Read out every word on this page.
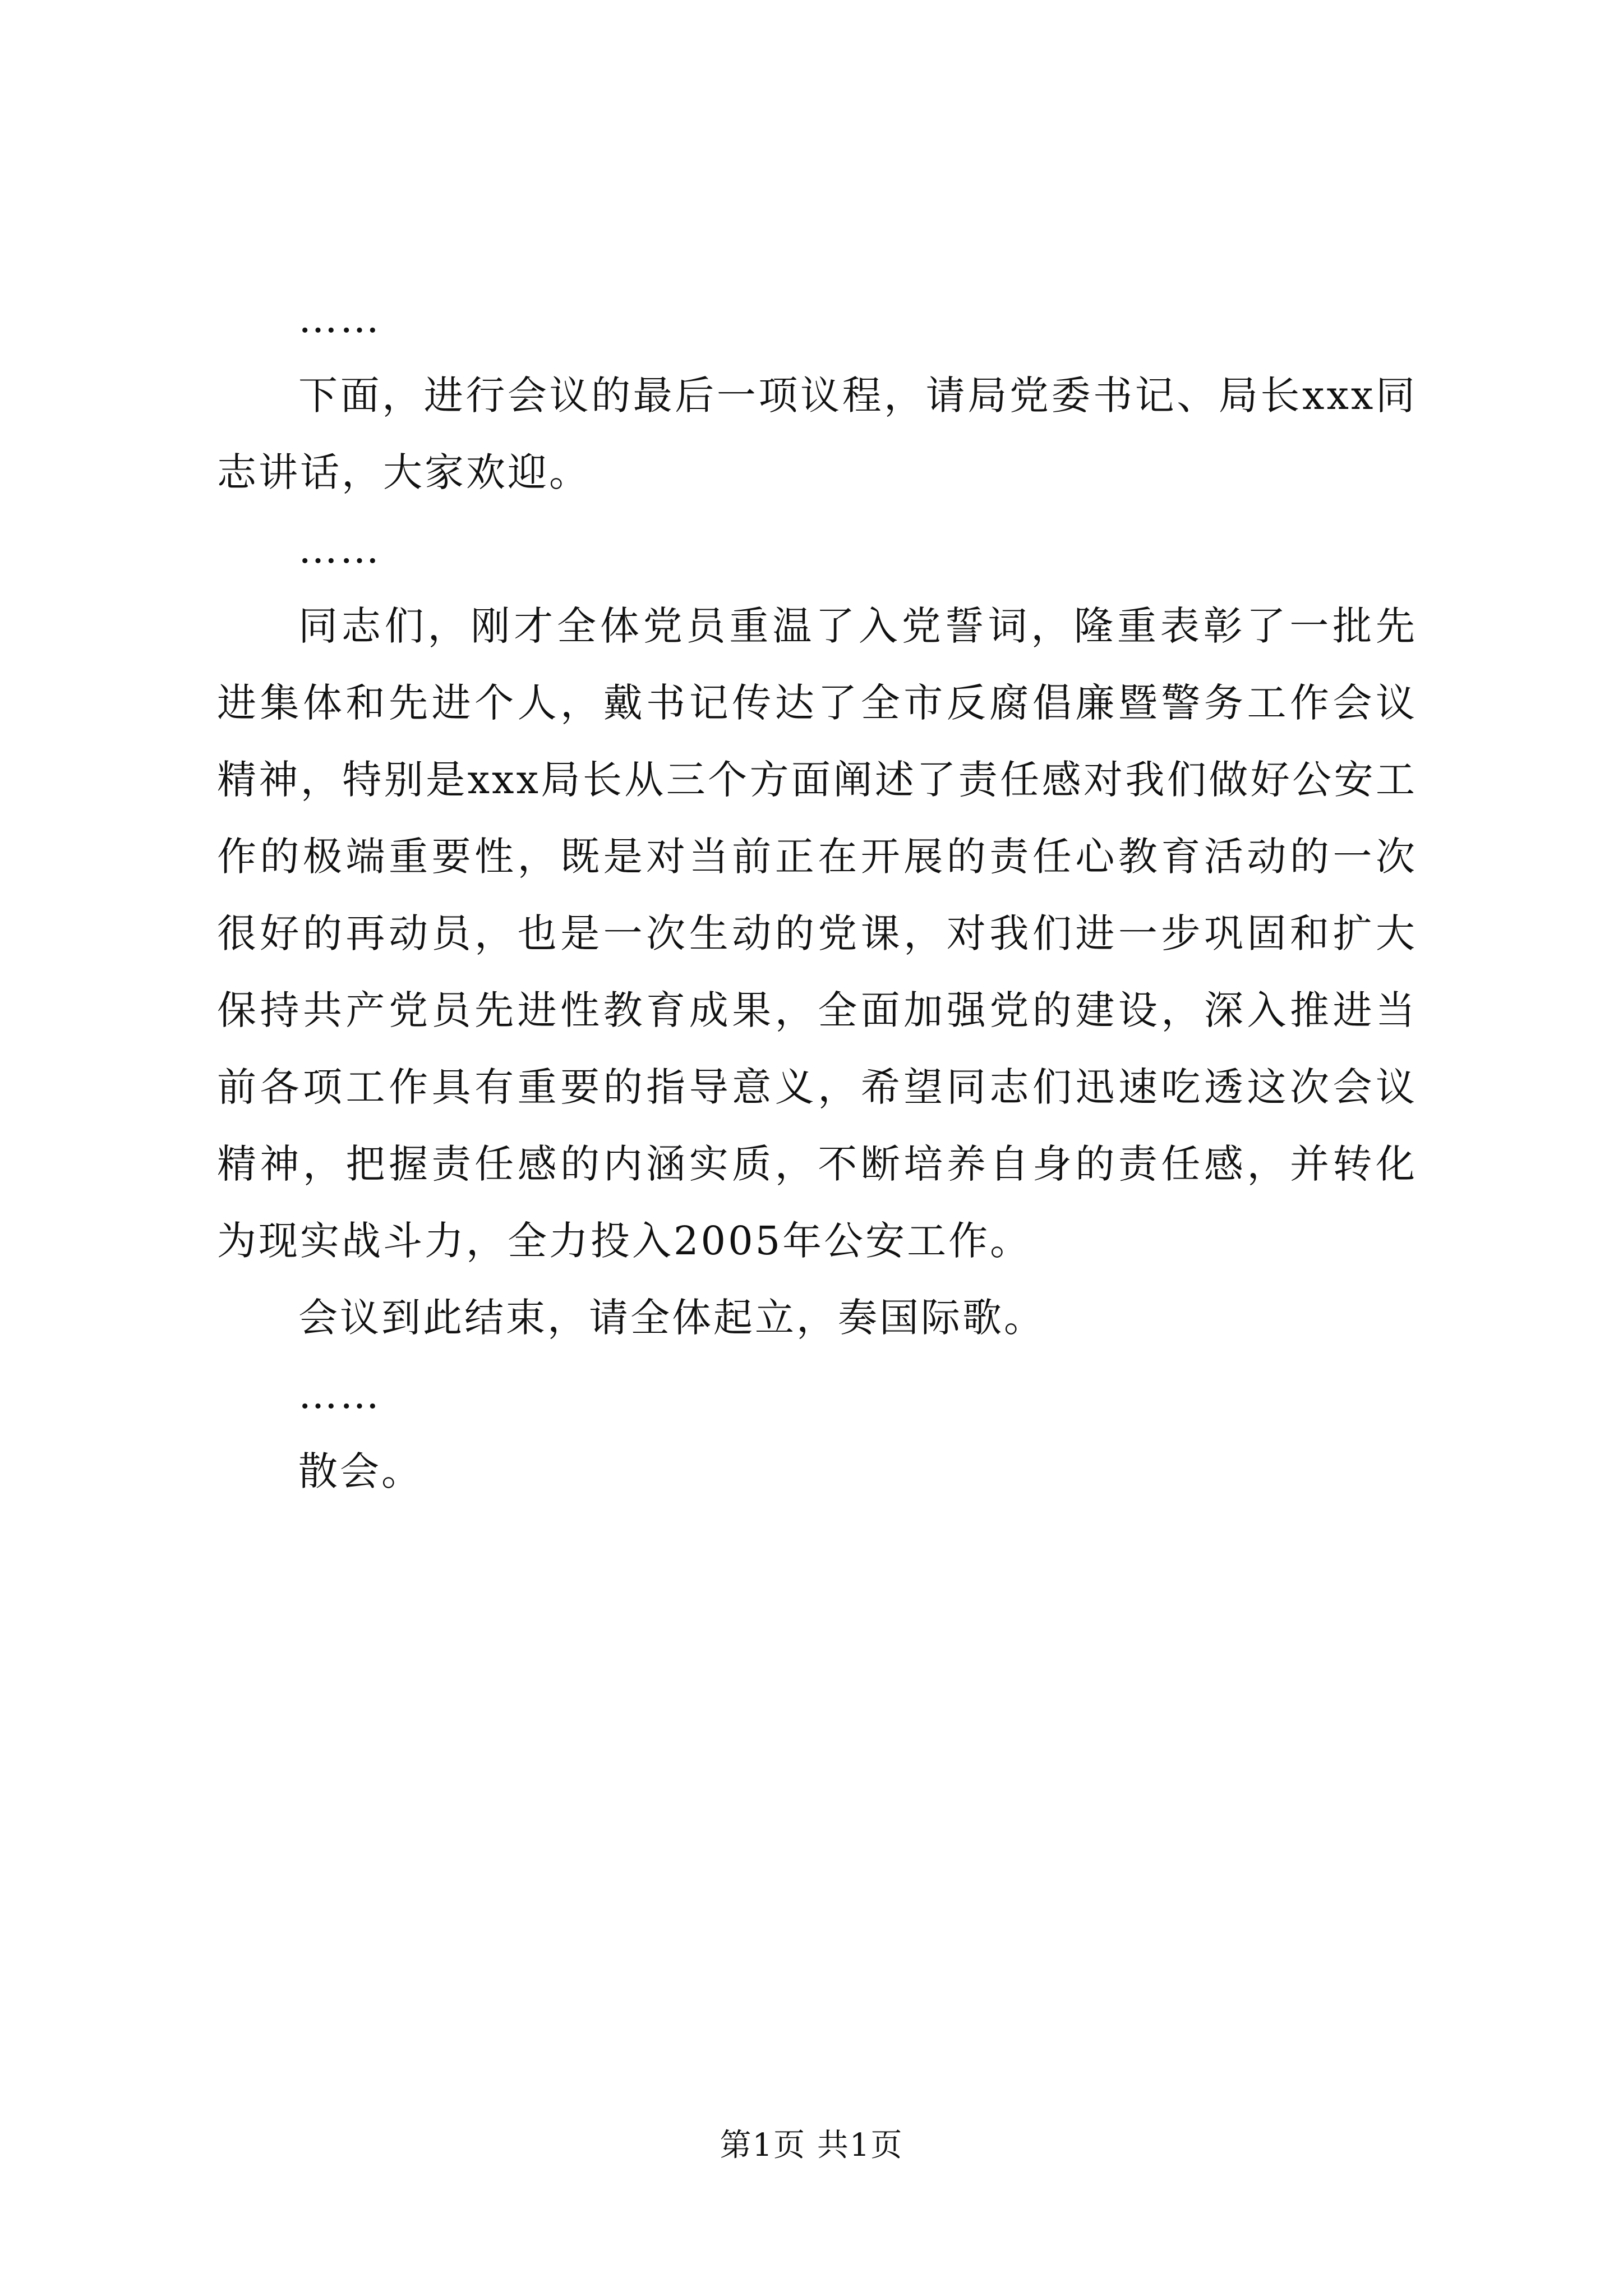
……

下面，进行会议的最后一项议程，请局党委书记、局长xxx同志讲话，大家欢迎。

……

同志们，刚才全体党员重温了入党誓词，隆重表彰了一批先进集体和先进个人，戴书记传达了全市反腐倡廉暨警务工作会议精神，特别是xxx局长从三个方面阐述了责任感对我们做好公安工作的极端重要性，既是对当前正在开展的责任心教育活动的一次很好的再动员，也是一次生动的党课，对我们进一步巩固和扩大保持共产党员先进性教育成果，全面加强党的建设，深入推进当前各项工作具有重要的指导意义，希望同志们迅速吃透这次会议精神，把握责任感的内涵实质，不断培养自身的责任感，并转化为现实战斗力，全力投入2005年公安工作。

会议到此结束，请全体起立，奏国际歌。

……

散会。

第1页 共1页
